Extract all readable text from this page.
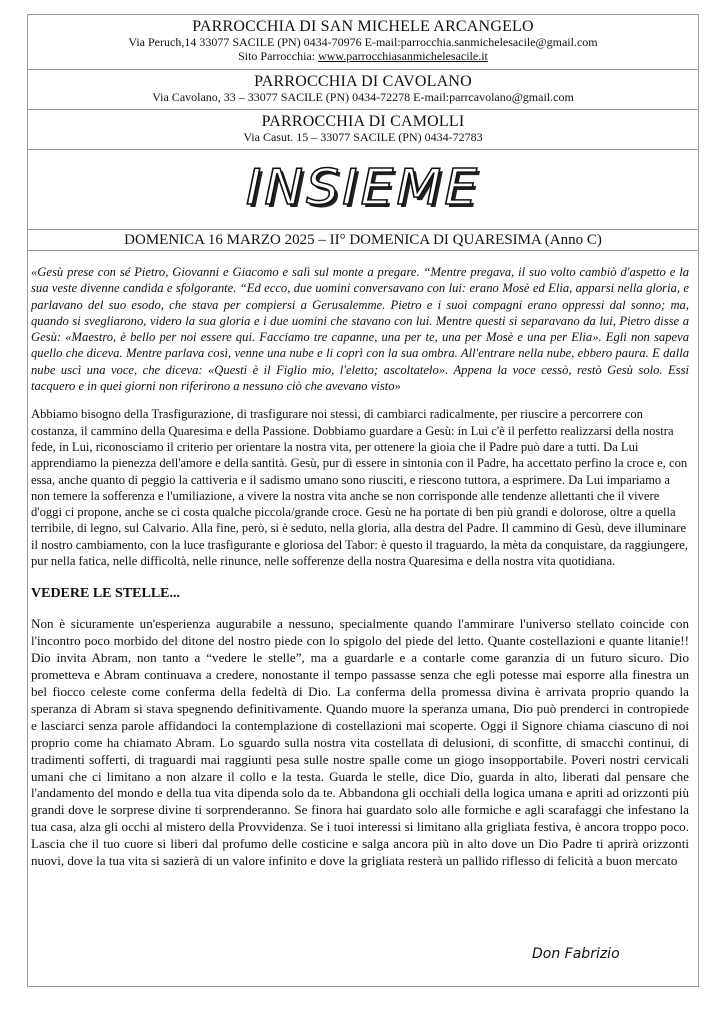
PARROCCHIA DI SAN MICHELE ARCANGELO
Via Peruch,14 33077 SACILE (PN) 0434-70976 E-mail:parrocchia.sanmichelesacile@gmail.com
Sito Parrocchia: www.parrocchiasanmichelesacile.it
PARROCCHIA DI CAVOLANO
Via Cavolano, 33 – 33077 SACILE (PN) 0434-72278 E-mail:parrcavolano@gmail.com
PARROCCHIA DI CAMOLLI
Via Casut. 15 – 33077 SACILE (PN) 0434-72783
INSIEME
DOMENICA 16 MARZO 2025 – II° DOMENICA DI QUARESIMA (Anno C)

«Gesù prese con sé Pietro, Giovanni e Giacomo e salì sul monte a pregare. “Mentre pregava, il suo volto cambiò d'aspetto e la sua veste divenne candida e sfolgorante. “Ed ecco, due uomini conversavano con lui: erano Mosè ed Elia, apparsi nella gloria, e parlavano del suo esodo, che stava per compiersi a Gerusalemme. Pietro e i suoi compagni erano oppressi dal sonno; ma, quando si svegliarono, videro la sua gloria e i due uomini che stavano con lui. Mentre questi si separavano da lui, Pietro disse a Gesù: «Maestro, è bello per noi essere qui. Facciamo tre capanne, una per te, una per Mosè e una per Elia». Egli non sapeva quello che diceva. Mentre parlava così, venne una nube e li coprì con la sua ombra. All'entrare nella nube, ebbero paura. E dalla nube uscì una voce, che diceva: «Questi è il Figlio mio, l'eletto; ascoltatelo». Appena la voce cessò, restò Gesù solo. Essi tacquero e in quei giorni non riferirono a nessuno ciò che avevano visto»

Abbiamo bisogno della Trasfigurazione, di trasfigurare noi stessi, di cambiarci radicalmente, per riuscire a percorrere con costanza, il cammino della Quaresima e della Passione. Dobbiamo guardare a Gesù: in Lui c'è il perfetto realizzarsi della nostra fede, in Lui, riconosciamo il criterio per orientare la nostra vita, per ottenere la gioia che il Padre può dare a tutti. Da Lui apprendiamo la pienezza dell'amore e della santità. Gesù, pur di essere in sintonia con il Padre, ha accettato perfino la croce e, con essa, anche quanto di peggio la cattiveria e il sadismo umano sono riusciti, e riescono tuttora, a esprimere. Da Lui impariamo a non temere la sofferenza e l'umiliazione, a vivere la nostra vita anche se non corrisponde alle tendenze allettanti che il vivere d'oggi ci propone, anche se ci costa qualche piccola/grande croce. Gesù ne ha portate di ben più grandi e dolorose, oltre a quella terribile, di legno, sul Calvario. Alla fine, però, si è seduto, nella gloria, alla destra del Padre. Il cammino di Gesù, deve illuminare il nostro cambiamento, con la luce trasfigurante e gloriosa del Tabor: è questo il traguardo, la mèta da conquistare, da raggiungere, pur nella fatica, nelle difficoltà, nelle rinunce, nelle sofferenze della nostra Quaresima e della nostra vita quotidiana.

VEDERE LE STELLE...

Non è sicuramente un'esperienza augurabile a nessuno, specialmente quando l'ammirare l'universo stellato coincide con l'incontro poco morbido del ditone del nostro piede con lo spigolo del piede del letto. Quante costellazioni e quante litanie!! Dio invita Abram, non tanto a “vedere le stelle”, ma a guardarle e a contarle come garanzia di un futuro sicuro. Dio prometteva e Abram continuava a credere, nonostante il tempo passasse senza che egli potesse mai esporre alla finestra un bel fiocco celeste come conferma della fedeltà di Dio. La conferma della promessa divina è arrivata proprio quando la speranza di Abram si stava spegnendo definitivamente. Quando muore la speranza umana, Dio può prenderci in contropiede e lasciarci senza parole affidandoci la contemplazione di costellazioni mai scoperte. Oggi il Signore chiama ciascuno di noi proprio come ha chiamato Abram. Lo sguardo sulla nostra vita costellata di delusioni, di sconfitte, di smacchi continui, di tradimenti sofferti, di traguardi mai raggiunti pesa sulle nostre spalle come un giogo insopportabile. Poveri nostri cervicali umani che ci limitano a non alzare il collo e la testa. Guarda le stelle, dice Dio, guarda in alto, liberati dal pensare che l'andamento del mondo e della tua vita dipenda solo da te. Abbandona gli occhiali della logica umana e apriti ad orizzonti più grandi dove le sorprese divine ti sorprenderanno. Se finora hai guardato solo alle formiche e agli scarafaggi che infestano la tua casa, alza gli occhi al mistero della Provvidenza. Se i tuoi interessi si limitano alla grigliata festiva, è ancora troppo poco. Lascia che il tuo cuore si liberi dal profumo delle costicine e salga ancora più in alto dove un Dio Padre ti aprirà orizzonti nuovi, dove la tua vita si sazierà di un valore infinito e dove la grigliata resterà un pallido riflesso di felicità a buon mercato

Don Fabrizio
